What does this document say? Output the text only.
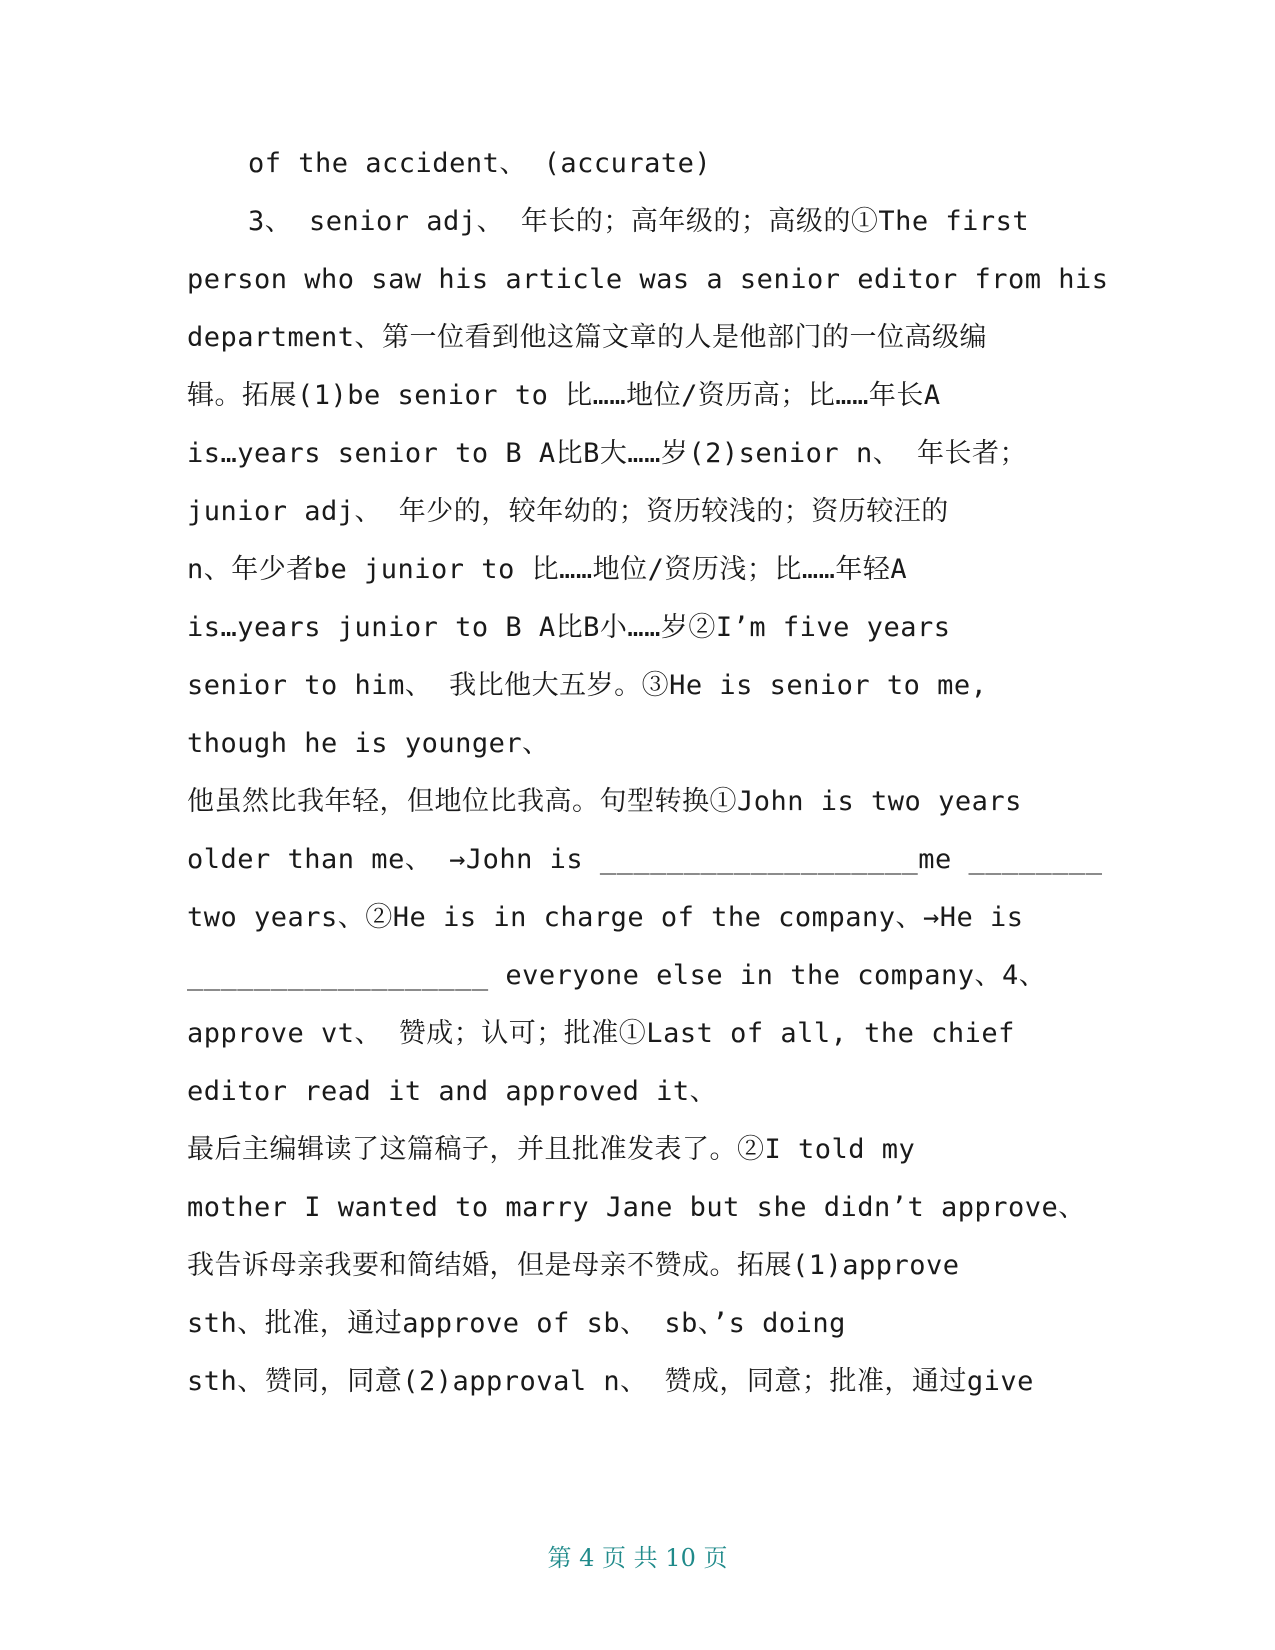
of the accident、 (accurate)
3、 senior adj、 年长的；高年级的；高级的①The first
person who saw his article was a senior editor from his
department、第一位看到他这篇文章的人是他部门的一位高级编
辑。拓展(1)be senior to 比……地位/资历高；比……年长A
is…years senior to B A比B大……岁(2)senior n、 年长者；
junior adj、 年少的，较年幼的；资历较浅的；资历较汪的
n、年少者be junior to 比……地位/资历浅；比……年轻A
is…years junior to B A比B小……岁②I’m five years
senior to him、 我比他大五岁。③He is senior to me,
though he is younger、
他虽然比我年轻，但地位比我高。句型转换①John is two years
older than me、 →John is ___________________me ________
two years、②He is in charge of the company、→He is
__________________ everyone else in the company、4、
approve vt、 赞成；认可；批准①Last of all, the chief
editor read it and approved it、
最后主编辑读了这篇稿子，并且批准发表了。②I told my
mother I wanted to marry Jane but she didn’t approve、
我告诉母亲我要和简结婚，但是母亲不赞成。拓展(1)approve
sth、批准，通过approve of sb、 sb、’s doing
sth、赞同，同意(2)approval n、 赞成，同意；批准，通过give
第 4 页 共 10 页
